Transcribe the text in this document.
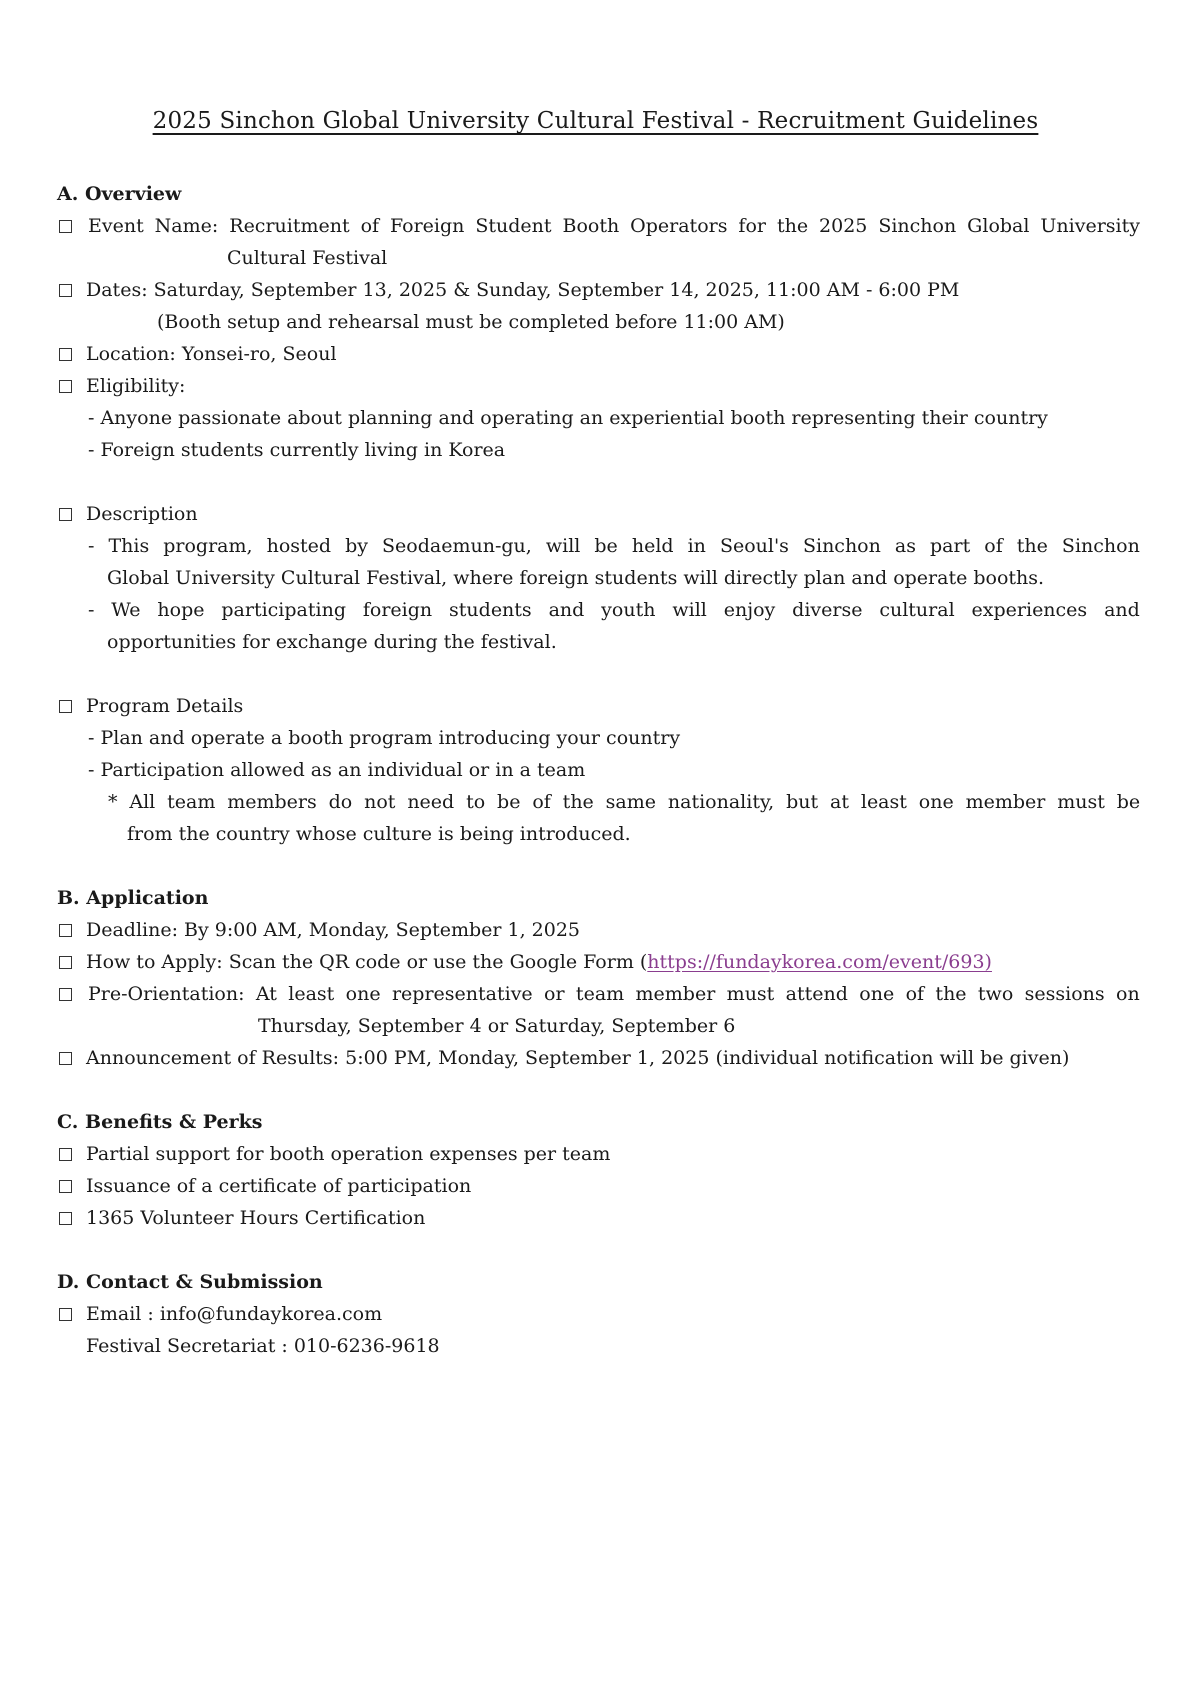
2025 Sinchon Global University Cultural Festival - Recruitment Guidelines
A. Overview
Event Name: Recruitment of Foreign Student Booth Operators for the 2025 Sinchon Global University
Cultural Festival
Dates: Saturday, September 13, 2025 & Sunday, September 14, 2025, 11:00 AM - 6:00 PM
(Booth setup and rehearsal must be completed before 11:00 AM)
Location: Yonsei-ro, Seoul
Eligibility:
- Anyone passionate about planning and operating an experiential booth representing their country
- Foreign students currently living in Korea
Description
- This program, hosted by Seodaemun-gu, will be held in Seoul's Sinchon as part of the Sinchon
Global University Cultural Festival, where foreign students will directly plan and operate booths.
- We hope participating foreign students and youth will enjoy diverse cultural experiences and
opportunities for exchange during the festival.
Program Details
- Plan and operate a booth program introducing your country
- Participation allowed as an individual or in a team
* All team members do not need to be of the same nationality, but at least one member must be
from the country whose culture is being introduced.
B. Application
Deadline: By 9:00 AM, Monday, September 1, 2025
How to Apply: Scan the QR code or use the Google Form (https://fundaykorea.com/event/693)
Pre-Orientation: At least one representative or team member must attend one of the two sessions on
Thursday, September 4 or Saturday, September 6
Announcement of Results: 5:00 PM, Monday, September 1, 2025 (individual notification will be given)
C. Benefits & Perks
Partial support for booth operation expenses per team
Issuance of a certificate of participation
1365 Volunteer Hours Certification
D. Contact & Submission
Email : info@fundaykorea.com
Festival Secretariat : 010-6236-9618
